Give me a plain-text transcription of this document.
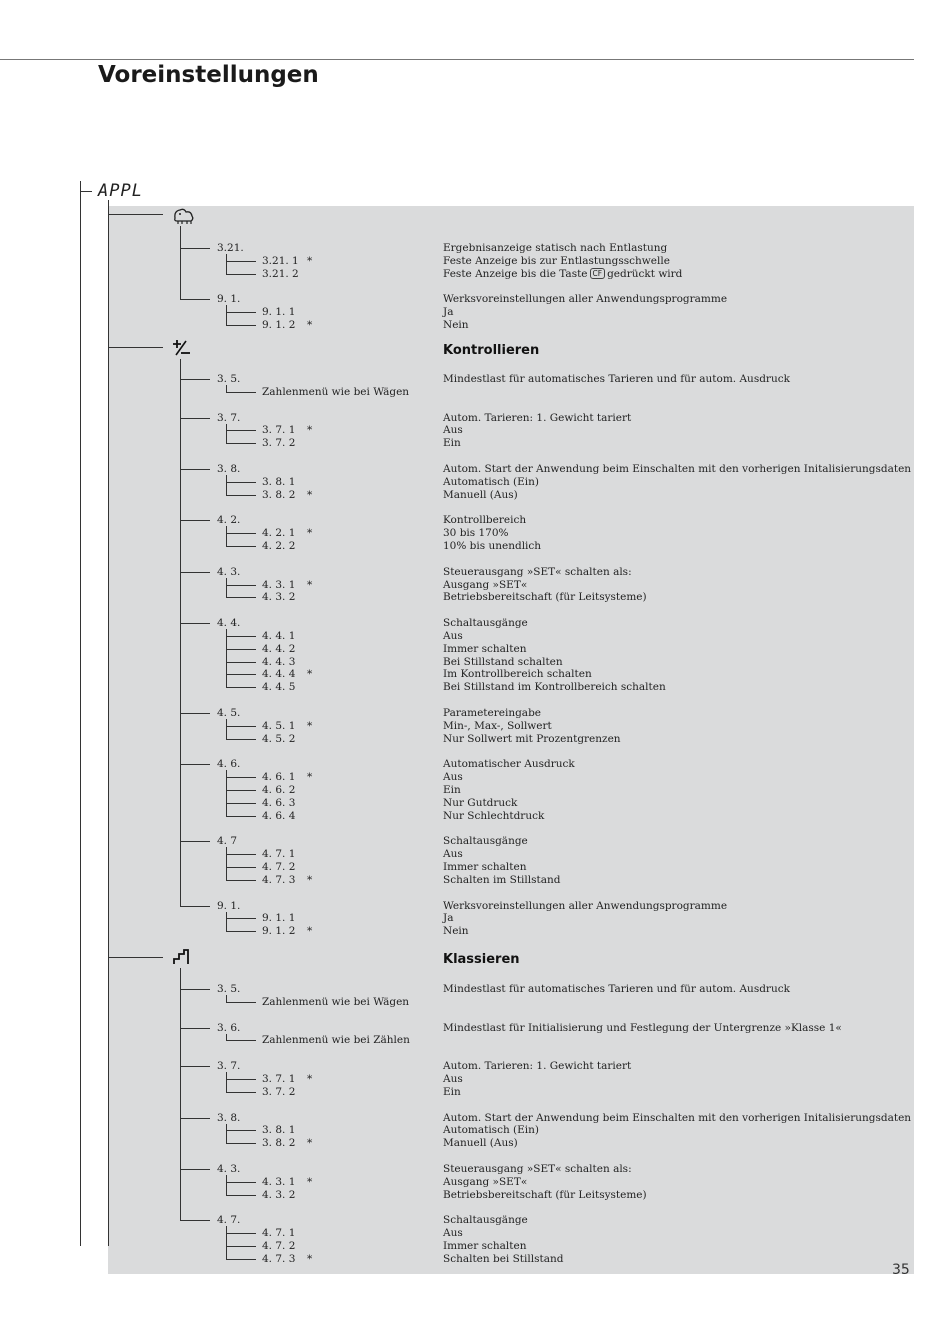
Voreinstellungen
APPL
Kontrollieren
Klassieren
3.21.	Ergebnisanzeige statisch nach Entlastung
3.21. 1 *	Feste Anzeige bis zur Entlastungsschwelle
3.21. 2	Feste Anzeige bis die Taste CF gedrückt wird
9. 1.	Werksvoreinstellungen aller Anwendungsprogramme
9. 1. 1	Ja
9. 1. 2 *	Nein
3. 5.	Mindestlast für automatisches Tarieren und für autom. Ausdruck
Zahlenmenü wie bei Wägen
3. 7.	Autom. Tarieren: 1. Gewicht tariert
3. 7. 1 *	Aus
3. 7. 2	Ein
3. 8.	Autom. Start der Anwendung beim Einschalten mit den vorherigen Initalisierungsdaten
3. 8. 1	Automatisch (Ein)
3. 8. 2 *	Manuell (Aus)
4. 2.	Kontrollbereich
4. 2. 1 *	30 bis 170%
4. 2. 2	10% bis unendlich
4. 3.	Steuerausgang »SET« schalten als:
4. 3. 1 *	Ausgang »SET«
4. 3. 2	Betriebsbereitschaft (für Leitsysteme)
4. 4.	Schaltausgänge
4. 4. 1	Aus
4. 4. 2	Immer schalten
4. 4. 3	Bei Stillstand schalten
4. 4. 4 *	Im Kontrollbereich schalten
4. 4. 5	Bei Stillstand im Kontrollbereich schalten
4. 5.	Parametereingabe
4. 5. 1 *	Min-, Max-, Sollwert
4. 5. 2	Nur Sollwert mit Prozentgrenzen
4. 6.	Automatischer Ausdruck
4. 6. 1 *	Aus
4. 6. 2	Ein
4. 6. 3	Nur Gutdruck
4. 6. 4	Nur Schlechtdruck
4. 7	Schaltausgänge
4. 7. 1	Aus
4. 7. 2	Immer schalten
4. 7. 3 *	Schalten im Stillstand
9. 1.	Werksvoreinstellungen aller Anwendungsprogramme
9. 1. 1	Ja
9. 1. 2 *	Nein
3. 5.	Mindestlast für automatisches Tarieren und für autom. Ausdruck
Zahlenmenü wie bei Wägen
3. 6.	Mindestlast für Initialisierung und Festlegung der Untergrenze »Klasse 1«
Zahlenmenü wie bei Zählen
3. 7.	Autom. Tarieren: 1. Gewicht tariert
3. 7. 1 *	Aus
3. 7. 2	Ein
3. 8.	Autom. Start der Anwendung beim Einschalten mit den vorherigen Initalisierungsdaten
3. 8. 1	Automatisch (Ein)
3. 8. 2 *	Manuell (Aus)
4. 3.	Steuerausgang »SET« schalten als:
4. 3. 1 *	Ausgang »SET«
4. 3. 2	Betriebsbereitschaft (für Leitsysteme)
4. 7.	Schaltausgänge
4. 7. 1	Aus
4. 7. 2	Immer schalten
4. 7. 3 *	Schalten bei Stillstand
35
